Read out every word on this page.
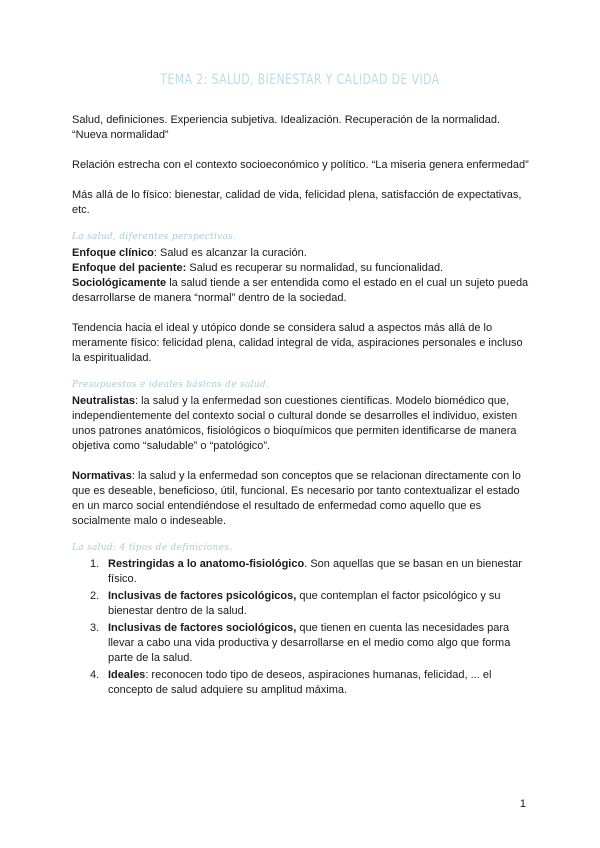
TEMA 2: SALUD, BIENESTAR Y CALIDAD DE VIDA

Salud, definiciones. Experiencia subjetiva. Idealización. Recuperación de la normalidad. “Nueva normalidad”

Relación estrecha con el contexto socioeconómico y político. “La miseria genera enfermedad”

Más allá de lo físico: bienestar, calidad de vida, felicidad plena, satisfacción de expectativas, etc.

La salud, diferentes perspectivas.

Enfoque clínico: Salud es alcanzar la curación.

Enfoque del paciente: Salud es recuperar su normalidad, su funcionalidad.

Sociológicamente la salud tiende a ser entendida como el estado en el cual un sujeto pueda desarrollarse de manera “normal” dentro de la sociedad.

Tendencia hacia el ideal y utópico donde se considera salud a aspectos más allá de lo meramente físico: felicidad plena, calidad integral de vida, aspiraciones personales e incluso la espiritualidad.

Presupuestos e ideales básicos de salud.

Neutralistas: la salud y la enfermedad son cuestiones científicas. Modelo biomédico que, independientemente del contexto social o cultural donde se desarrolles el individuo, existen unos patrones anatómicos, fisiológicos o bioquímicos que permiten identificarse de manera objetiva como “saludable” o “patológico”.

Normativas: la salud y la enfermedad son conceptos que se relacionan directamente con lo que es deseable, beneficioso, útil, funcional. Es necesario por tanto contextualizar el estado en un marco social entendiéndose el resultado de enfermedad como aquello que es socialmente malo o indeseable.

La salud: 4 tipos de definiciones.
1. Restringidas a lo anatomo-fisiológico. Son aquellas que se basan en un bienestar físico.
2. Inclusivas de factores psicológicos, que contemplan el factor psicológico y su bienestar dentro de la salud.
3. Inclusivas de factores sociológicos, que tienen en cuenta las necesidades para llevar a cabo una vida productiva y desarrollarse en el medio como algo que forma parte de la salud.
4. Ideales: reconocen todo tipo de deseos, aspiraciones humanas, felicidad, ... el concepto de salud adquiere su amplitud máxima.
1
